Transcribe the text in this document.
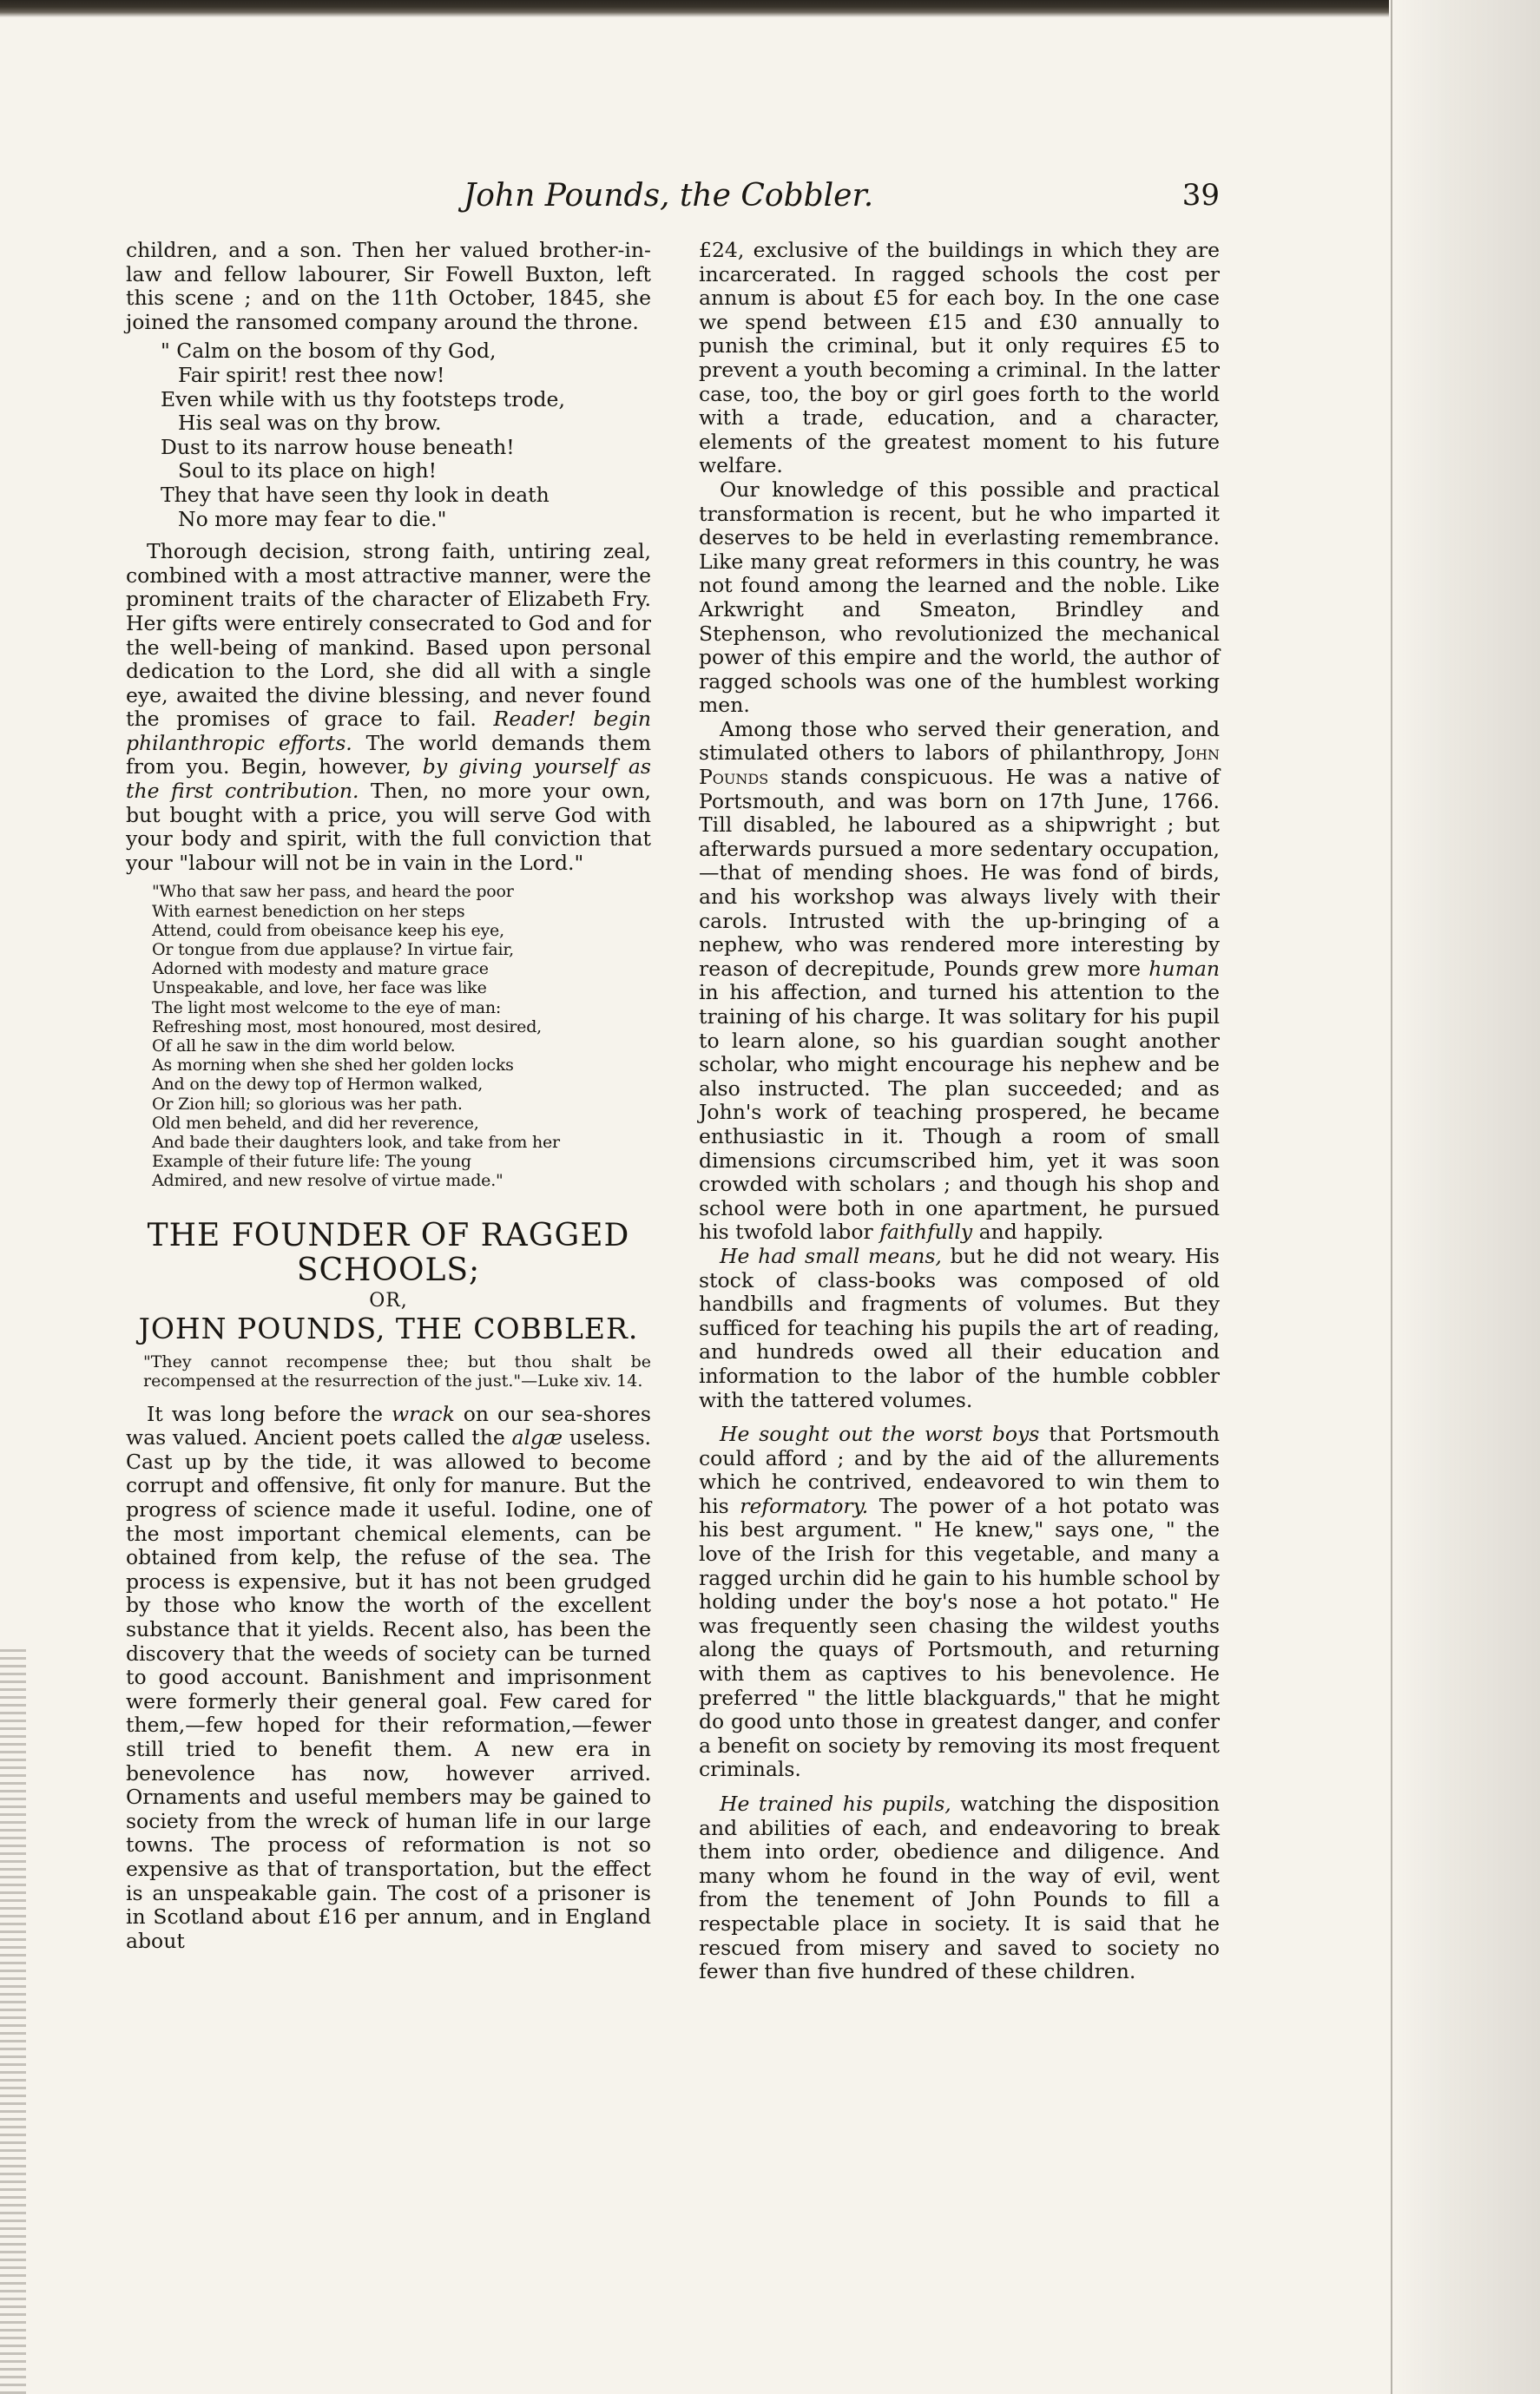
John Pounds, the Cobbler.	39

children, and a son. Then her valued brother-in-law and fellow labourer, Sir Fowell Buxton, left this scene ; and on the 11th October, 1845, she joined the ransomed company around the throne.

" Calm on the bosom of thy God,
Fair spirit! rest thee now!
Even while with us thy footsteps trode,
His seal was on thy brow.
Dust to its narrow house beneath!
Soul to its place on high!
They that have seen thy look in death
No more may fear to die."

Thorough decision, strong faith, untiring zeal, combined with a most attractive manner, were the prominent traits of the character of Elizabeth Fry. Her gifts were entirely consecrated to God and for the well-being of mankind. Based upon personal dedication to the Lord, she did all with a single eye, awaited the divine blessing, and never found the promises of grace to fail. Reader! begin philanthropic efforts. The world demands them from you. Begin, however, by giving yourself as the first contribution. Then, no more your own, but bought with a price, you will serve God with your body and spirit, with the full conviction that your "labour will not be in vain in the Lord."

"Who that saw her pass, and heard the poor
With earnest benediction on her steps
Attend, could from obeisance keep his eye,
Or tongue from due applause? In virtue fair,
Adorned with modesty and mature grace
Unspeakable, and love, her face was like
The light most welcome to the eye of man:
Refreshing most, most honoured, most desired,
Of all he saw in the dim world below.
As morning when she shed her golden locks
And on the dewy top of Hermon walked,
Or Zion hill; so glorious was her path.
Old men beheld, and did her reverence,
And bade their daughters look, and take from her
Example of their future life: The young
Admired, and new resolve of virtue made."
THE FOUNDER OF RAGGED
SCHOOLS;
OR,
JOHN POUNDS, THE COBBLER.
"They cannot recompense thee; but thou shalt be recompensed at the resurrection of the just."—Luke xiv. 14.

It was long before the wrack on our sea-shores was valued. Ancient poets called the algæ useless. Cast up by the tide, it was allowed to become corrupt and offensive, fit only for manure. But the progress of science made it useful. Iodine, one of the most important chemical elements, can be obtained from kelp, the refuse of the sea. The process is expensive, but it has not been grudged by those who know the worth of the excellent substance that it yields. Recent also, has been the discovery that the weeds of society can be turned to good account. Banishment and imprisonment were formerly their general goal. Few cared for them,—few hoped for their reformation,—fewer still tried to benefit them. A new era in benevolence has now, however arrived. Ornaments and useful members may be gained to society from the wreck of human life in our large towns. The process of reformation is not so expensive as that of transportation, but the effect is an unspeakable gain. The cost of a prisoner is in Scotland about £16 per annum, and in England about

£24, exclusive of the buildings in which they are incarcerated. In ragged schools the cost per annum is about £5 for each boy. In the one case we spend between £15 and £30 annually to punish the criminal, but it only requires £5 to prevent a youth becoming a criminal. In the latter case, too, the boy or girl goes forth to the world with a trade, education, and a character, elements of the greatest moment to his future welfare.

Our knowledge of this possible and practical transformation is recent, but he who imparted it deserves to be held in everlasting remembrance. Like many great reformers in this country, he was not found among the learned and the noble. Like Arkwright and Smeaton, Brindley and Stephenson, who revolutionized the mechanical power of this empire and the world, the author of ragged schools was one of the humblest working men.

Among those who served their generation, and stimulated others to labors of philanthropy, John Pounds stands conspicuous. He was a native of Portsmouth, and was born on 17th June, 1766. Till disabled, he laboured as a shipwright ; but afterwards pursued a more sedentary occupation,—that of mending shoes. He was fond of birds, and his workshop was always lively with their carols. Intrusted with the up-bringing of a nephew, who was rendered more interesting by reason of decrepitude, Pounds grew more human in his affection, and turned his attention to the training of his charge. It was solitary for his pupil to learn alone, so his guardian sought another scholar, who might encourage his nephew and be also instructed. The plan succeeded; and as John's work of teaching prospered, he became enthusiastic in it. Though a room of small dimensions circumscribed him, yet it was soon crowded with scholars ; and though his shop and school were both in one apartment, he pursued his twofold labor faithfully and happily.

He had small means, but he did not weary. His stock of class-books was composed of old handbills and fragments of volumes. But they sufficed for teaching his pupils the art of reading, and hundreds owed all their education and information to the labor of the humble cobbler with the tattered volumes.

He sought out the worst boys that Portsmouth could afford ; and by the aid of the allurements which he contrived, endeavored to win them to his reformatory. The power of a hot potato was his best argument. " He knew," says one, " the love of the Irish for this vegetable, and many a ragged urchin did he gain to his humble school by holding under the boy's nose a hot potato." He was frequently seen chasing the wildest youths along the quays of Portsmouth, and returning with them as captives to his benevolence. He preferred " the little blackguards," that he might do good unto those in greatest danger, and confer a benefit on society by removing its most frequent criminals.

He trained his pupils, watching the disposition and abilities of each, and endeavoring to break them into order, obedience and diligence. And many whom he found in the way of evil, went from the tenement of John Pounds to fill a respectable place in society. It is said that he rescued from misery and saved to society no fewer than five hundred of these children.
